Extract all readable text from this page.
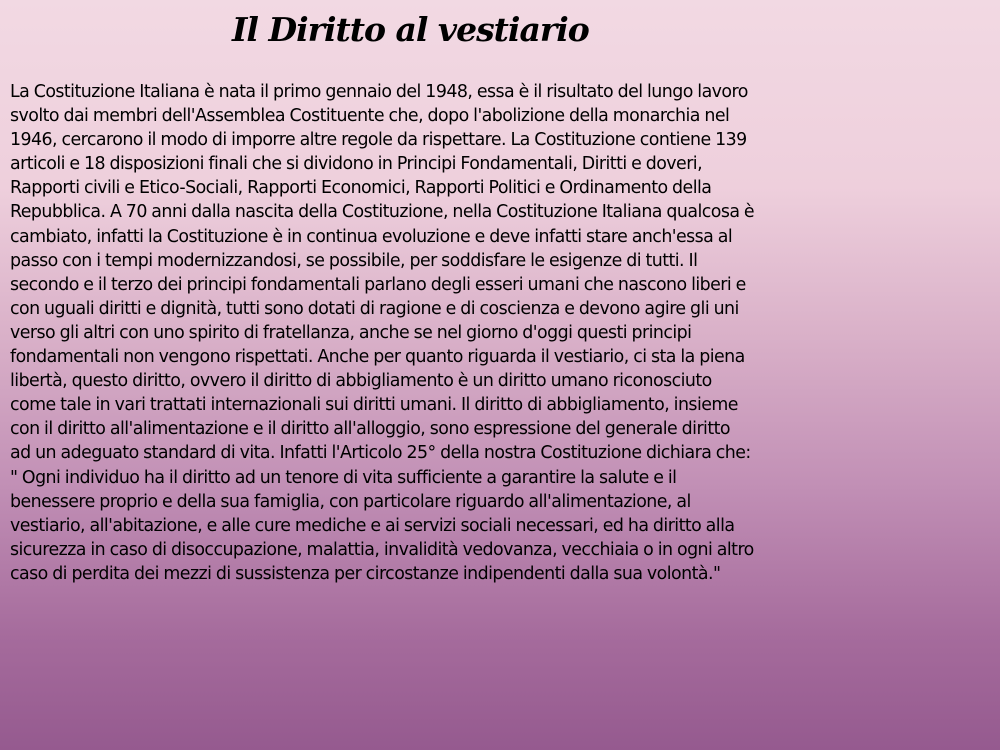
Il Diritto al vestiario

La Costituzione Italiana è nata il primo gennaio del 1948, essa è il risultato del lungo lavoro
svolto dai membri dell'Assemblea Costituente che, dopo l'abolizione della monarchia nel
1946, cercarono il modo di imporre altre regole da rispettare. La Costituzione contiene 139
articoli e 18 disposizioni finali che si dividono in Principi Fondamentali, Diritti e doveri,
Rapporti civili e Etico-Sociali, Rapporti Economici, Rapporti Politici e Ordinamento della
Repubblica. A 70 anni dalla nascita della Costituzione, nella Costituzione Italiana qualcosa è
cambiato, infatti la Costituzione è in continua evoluzione e deve infatti stare anch'essa al
passo con i tempi modernizzandosi, se possibile, per soddisfare le esigenze di tutti. Il
secondo e il terzo dei principi fondamentali parlano degli esseri umani che nascono liberi e
con uguali diritti e dignità, tutti sono dotati di ragione e di coscienza e devono agire gli uni
verso gli altri con uno spirito di fratellanza, anche se nel giorno d'oggi questi principi
fondamentali non vengono rispettati. Anche per quanto riguarda il vestiario, ci sta la piena
libertà, questo diritto, ovvero il diritto di abbigliamento è un diritto umano riconosciuto
come tale in vari trattati internazionali sui diritti umani. Il diritto di abbigliamento, insieme
con il diritto all'alimentazione e il diritto all'alloggio, sono espressione del generale diritto
ad un adeguato standard di vita. Infatti l'Articolo 25° della nostra Costituzione dichiara che:
" Ogni individuo ha il diritto ad un tenore di vita sufficiente a garantire la salute e il
benessere proprio e della sua famiglia, con particolare riguardo all'alimentazione, al
vestiario, all'abitazione, e alle cure mediche e ai servizi sociali necessari, ed ha diritto alla
sicurezza in caso di disoccupazione, malattia, invalidità vedovanza, vecchiaia o in ogni altro
caso di perdita dei mezzi di sussistenza per circostanze indipendenti dalla sua volontà."
